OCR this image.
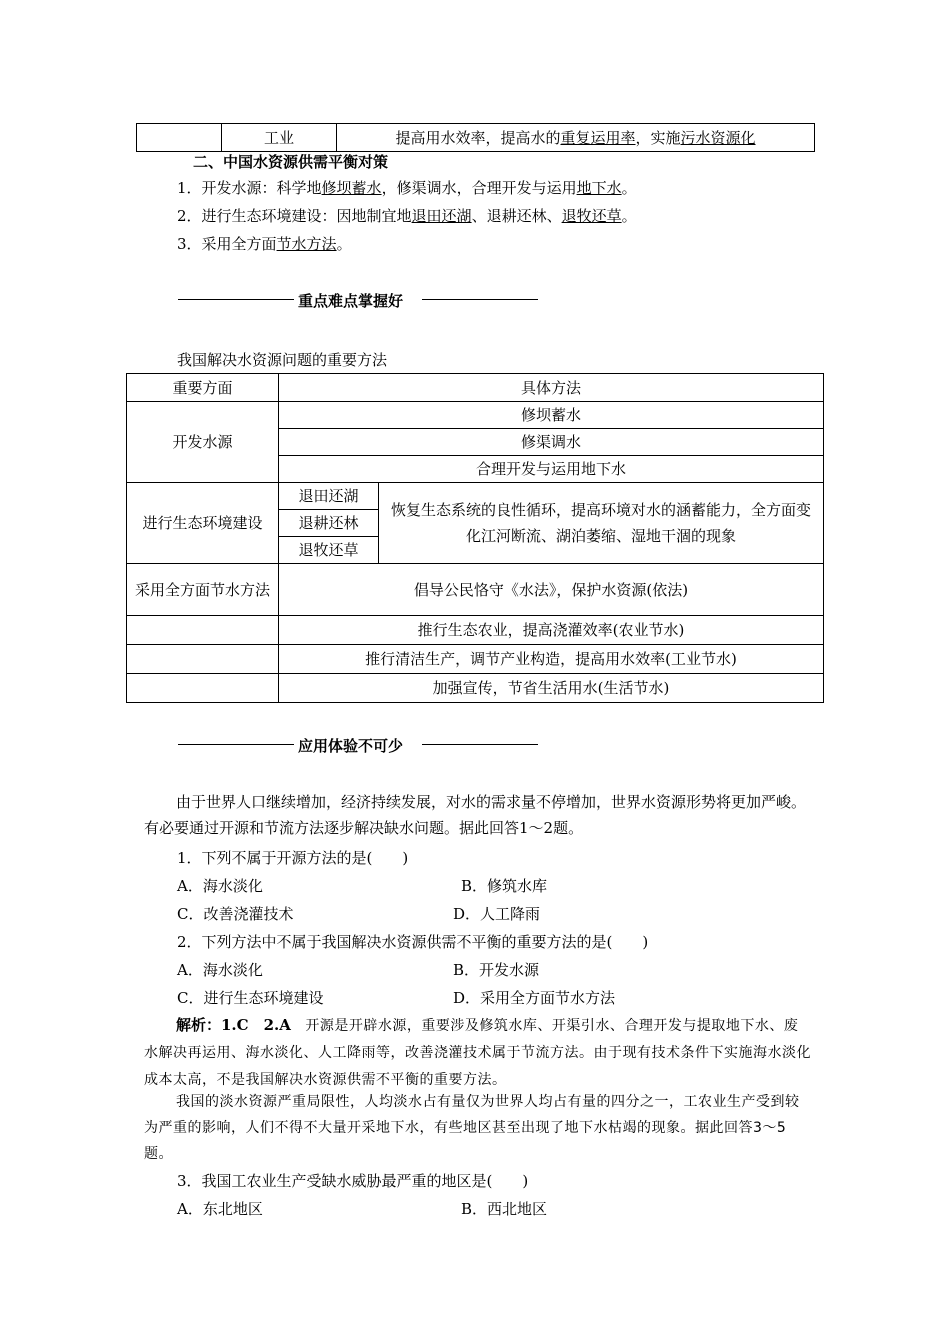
	工业	提高用水效率，提高水的重复运用率，实施污水资源化
二、中国水资源供需平衡对策
1．开发水源：科学地修坝蓄水，修渠调水，合理开发与运用地下水。
2．进行生态环境建设：因地制宜地退田还湖、退耕还林、退牧还草。
3．采用全方面节水方法。
重点难点掌握好
我国解决水资源问题的重要方法
重要方面	具体方法	
开发水源	修坝蓄水	
	修渠调水	
	合理开发与运用地下水	
进行生态环境建设	退田还湖	恢复生态系统的良性循环，提高环境对水的涵蓄能力，全方面变化江河断流、湖泊萎缩、湿地干涸的现象
	退耕还林	
	退牧还草	
采用全方面节水方法	倡导公民恪守《水法》，保护水资源(依法)	
	推行生态农业，提高浇灌效率(农业节水)	
	推行清洁生产，调节产业构造，提高用水效率(工业节水)	
	加强宣传，节省生活用水(生活节水)	
应用体验不可少
由于世界人口继续增加，经济持续发展，对水的需求量不停增加，世界水资源形势将更加严峻。有必要通过开源和节流方法逐步解决缺水问题。据此回答1～2题。
1．下列不属于开源方法的是(　　)
A．海水淡化	B．修筑水库
C．改善浇灌技术	D．人工降雨
2．下列方法中不属于我国解决水资源供需不平衡的重要方法的是(　　)
A．海水淡化	B．开发水源
C．进行生态环境建设	D．采用全方面节水方法
解析：1.C　2.A　开源是开辟水源，重要涉及修筑水库、开渠引水、合理开发与提取地下水、废水解决再运用、海水淡化、人工降雨等，改善浇灌技术属于节流方法。由于现有技术条件下实施海水淡化成本太高，不是我国解决水资源供需不平衡的重要方法。
我国的淡水资源严重局限性，人均淡水占有量仅为世界人均占有量的四分之一，工农业生产受到较为严重的影响，人们不得不大量开采地下水，有些地区甚至出现了地下水枯竭的现象。据此回答3～5题。
3．我国工农业生产受缺水威胁最严重的地区是(　　)
A．东北地区	B．西北地区
